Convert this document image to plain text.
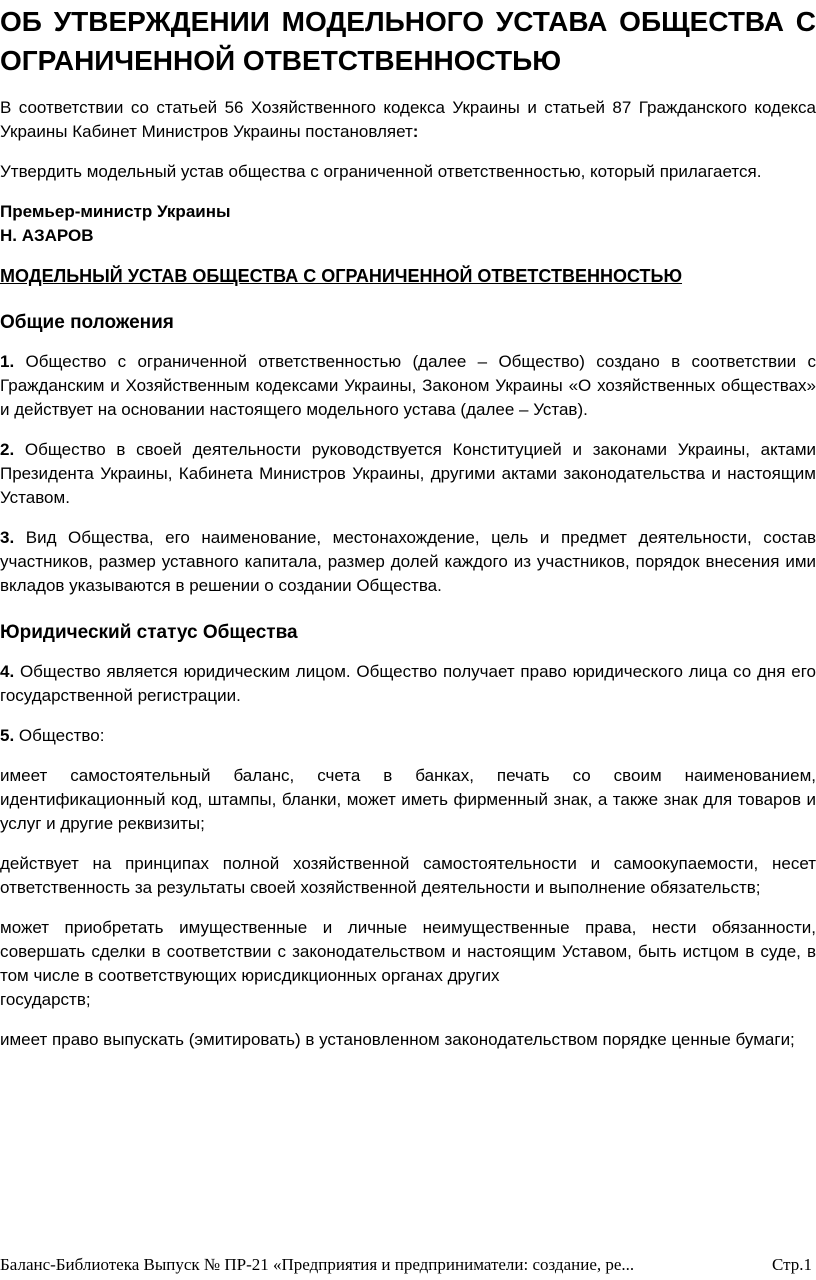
ОБ УТВЕРЖДЕНИИ МОДЕЛЬНОГО УСТАВА ОБЩЕСТВА С ОГРАНИЧЕННОЙ ОТВЕТСТВЕННОСТЬЮ

В соответствии со статьей 56 Хозяйственного кодекса Украины и статьей 87 Гражданского кодекса Украины Кабинет Министров Украины постановляет:

Утвердить модельный устав общества с ограниченной ответственностью, который прилагается.

Премьер-министр Украины

Н. АЗАРОВ

МОДЕЛЬНЫЙ УСТАВ ОБЩЕСТВА С ОГРАНИЧЕННОЙ ОТВЕТСТВЕННОСТЬЮ

Общие положения

1. Общество с ограниченной ответственностью (далее – Общество) создано в соответствии с Гражданским и Хозяйственным кодексами Украины, Законом Украины «О хозяйственных обществах» и действует на основании настоящего модельного устава (далее – Устав).

2. Общество в своей деятельности руководствуется Конституцией и законами Украины, актами Президента Украины, Кабинета Министров Украины, другими актами законодательства и настоящим Уставом.

3. Вид Общества, его наименование, местонахождение, цель и предмет деятельности, состав участников, размер уставного капитала, размер долей каждого из участников, порядок внесения ими вкладов указываются в решении о создании Общества.

Юридический статус Общества

4. Общество является юридическим лицом. Общество получает право юридического лица со дня его государственной регистрации.

5. Общество:

имеет самостоятельный баланс, счета в банках, печать со своим наименованием, идентификационный код, штампы, бланки, может иметь фирменный знак, а также знак для товаров и услуг и другие реквизиты;

действует на принципах полной хозяйственной самостоятельности и самоокупаемости, несет ответственность за результаты своей хозяйственной деятельности и выполнение обязательств;

может приобретать имущественные и личные неимущественные права, нести обязанности, совершать сделки в соответствии с законодательством и настоящим Уставом, быть истцом в суде, в том числе в соответствующих юрисдикционных органах других
государств;

имеет право выпускать (эмитировать) в установленном законодательством порядке ценные бумаги;

Баланс-Библиотека Выпуск № ПР-21 «Предприятия и предприниматели: создание, ре...	Стр.1
